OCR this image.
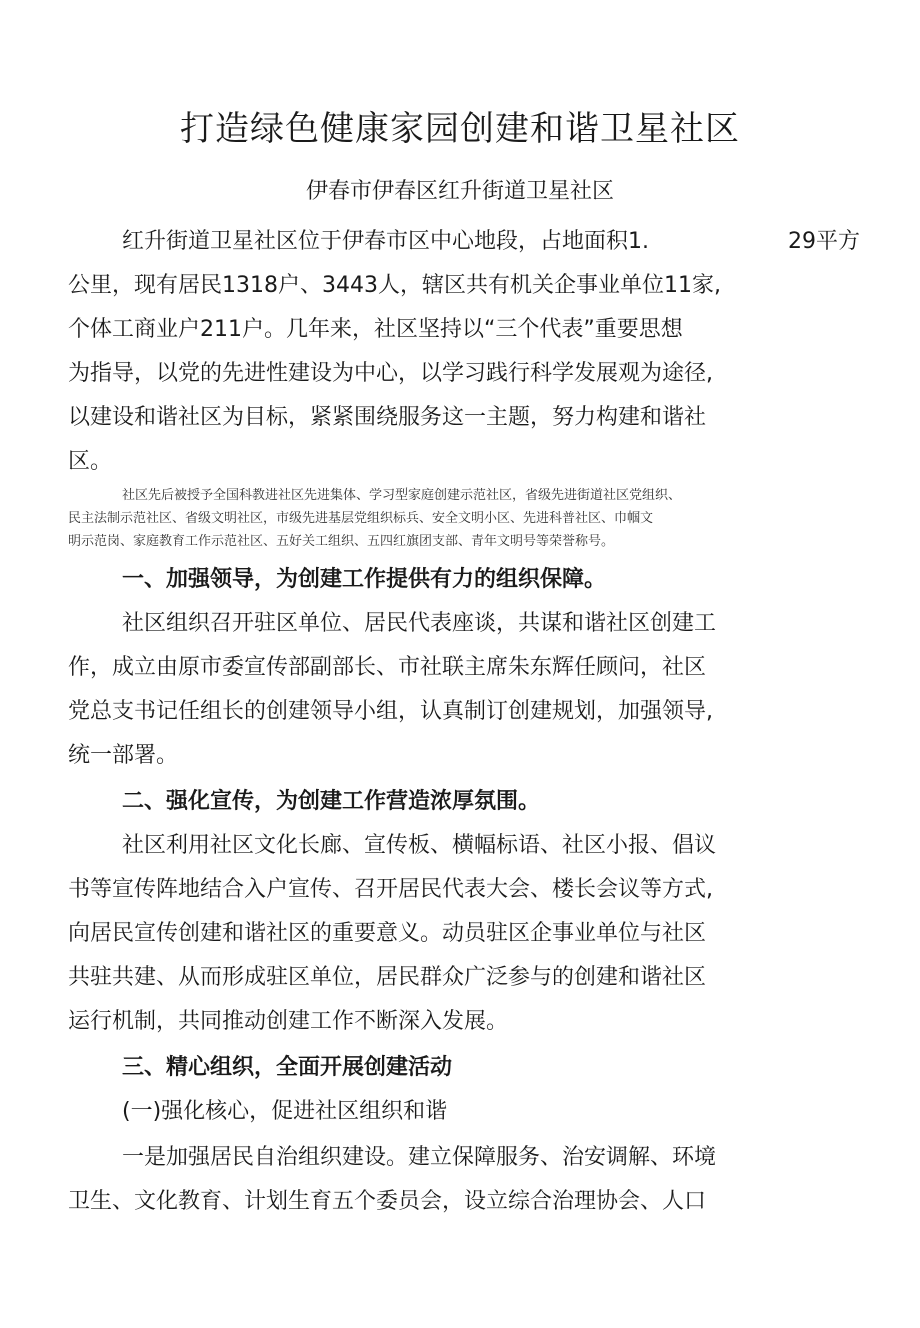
打造绿色健康家园创建和谐卫星社区
伊春市伊春区红升街道卫星社区
红升街道卫星社区位于伊春市区中心地段，占地面积1.	29平方
公里，现有居民1318户、3443人，辖区共有机关企事业单位11家,
个体工商业户211户。几年来，社区坚持以“三个代表”重要思想
为指导，以党的先进性建设为中心，以学习践行科学发展观为途径,
以建设和谐社区为目标，紧紧围绕服务这一主题，努力构建和谐社
区。
社区先后被授予全国科教进社区先进集体、学习型家庭创建示范社区，省级先进街道社区党组织、
民主法制示范社区、省级文明社区，市级先进基层党组织标兵、安全文明小区、先进科普社区、巾帼文
明示范岗、家庭教育工作示范社区、五好关工组织、五四红旗团支部、青年文明号等荣誉称号。
一、加强领导，为创建工作提供有力的组织保障。
社区组织召开驻区单位、居民代表座谈，共谋和谐社区创建工
作，成立由原市委宣传部副部长、市社联主席朱东辉任顾问，社区
党总支书记任组长的创建领导小组，认真制订创建规划，加强领导,
统一部署。
二、强化宣传，为创建工作营造浓厚氛围。
社区利用社区文化长廊、宣传板、横幅标语、社区小报、倡议
书等宣传阵地结合入户宣传、召开居民代表大会、楼长会议等方式,
向居民宣传创建和谐社区的重要意义。动员驻区企事业单位与社区
共驻共建、从而形成驻区单位，居民群众广泛参与的创建和谐社区
运行机制，共同推动创建工作不断深入发展。
三、精心组织，全面开展创建活动
(一)强化核心，促进社区组织和谐
一是加强居民自治组织建设。建立保障服务、治安调解、环境
卫生、文化教育、计划生育五个委员会，设立综合治理协会、人口
